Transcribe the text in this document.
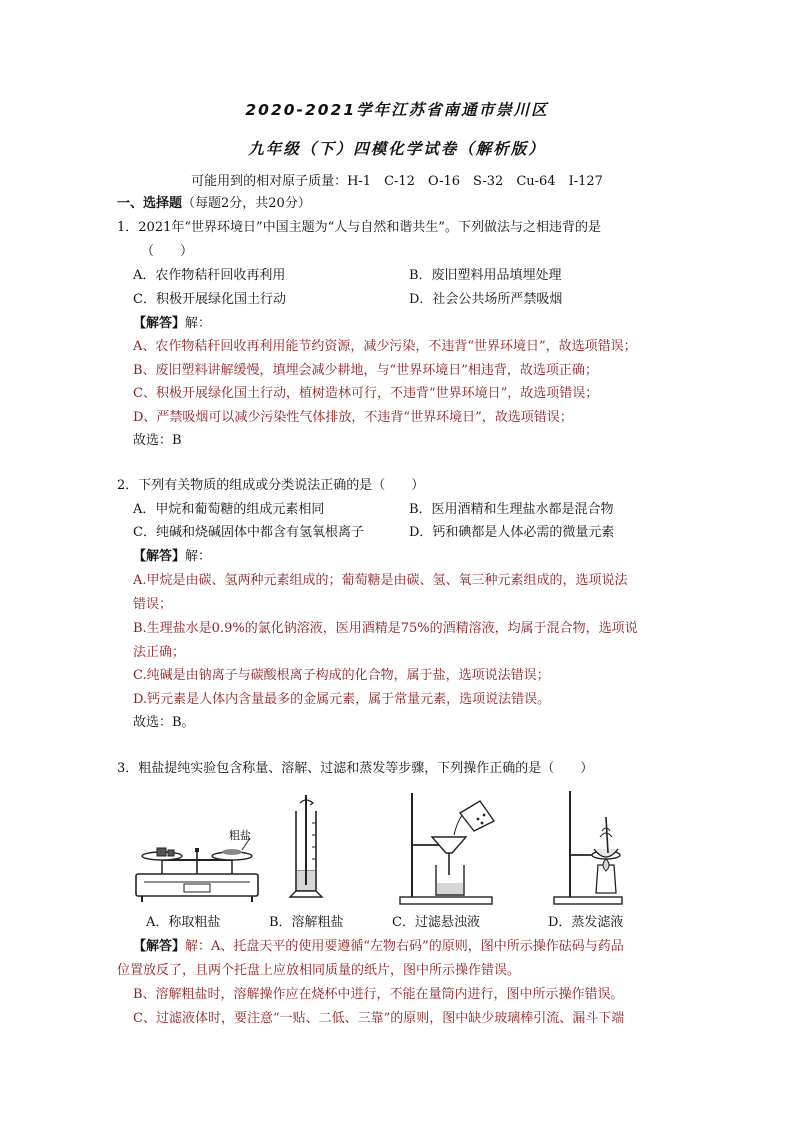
2020-2021学年江苏省南通市崇川区
九年级（下）四模化学试卷（解析版）
可能用到的相对原子质量：H-1　C-12　O-16　S-32　Cu-64　I-127
一、选择题（每题2分，共20分）
1．2021年“世界环境日”中国主题为“人与自然和谐共生”。下列做法与之相违背的是
（　　）
A．农作物秸秆回收再利用	B．废旧塑料用品填埋处理
C．积极开展绿化国土行动	D．社会公共场所严禁吸烟
【解答】解：
A、农作物秸秆回收再利用能节约资源，减少污染，不违背“世界环境日”，故选项错误；
B、废旧塑料讲解缓慢，填埋会减少耕地，与“世界环境日”相违背，故选项正确；
C、积极开展绿化国土行动，植树造林可行，不违背“世界环境日”，故选项错误；
D、严禁吸烟可以减少污染性气体排放，不违背“世界环境日”，故选项错误；
故选：B
2．下列有关物质的组成或分类说法正确的是（　　）
A．甲烷和葡萄糖的组成元素相同	B．医用酒精和生理盐水都是混合物
C．纯碱和烧碱固体中都含有氢氧根离子	D．钙和碘都是人体必需的微量元素
【解答】解：
A.甲烷是由碳、氢两种元素组成的；葡萄糖是由碳、氢、氧三种元素组成的，选项说法
错误；
B.生理盐水是0.9%的氯化钠溶液，医用酒精是75%的酒精溶液，均属于混合物，选项说
法正确；
C.纯碱是由钠离子与碳酸根离子构成的化合物，属于盐，选项说法错误；
D.钙元素是人体内含量最多的金属元素，属于常量元素，选项说法错误。
故选：B。
3．粗盐提纯实验包含称量、溶解、过滤和蒸发等步骤，下列操作正确的是（　　）
粗盐
A．称取粗盐	B．溶解粗盐	C．过滤悬浊液	D．蒸发滤液
【解答】解：A、托盘天平的使用要遵循“左物右码”的原则，图中所示操作砝码与药品
位置放反了，且两个托盘上应放相同质量的纸片，图中所示操作错误。
B、溶解粗盐时，溶解操作应在烧杯中进行，不能在量筒内进行，图中所示操作错误。
C、过滤液体时，要注意“一贴、二低、三靠”的原则，图中缺少玻璃棒引流、漏斗下端
